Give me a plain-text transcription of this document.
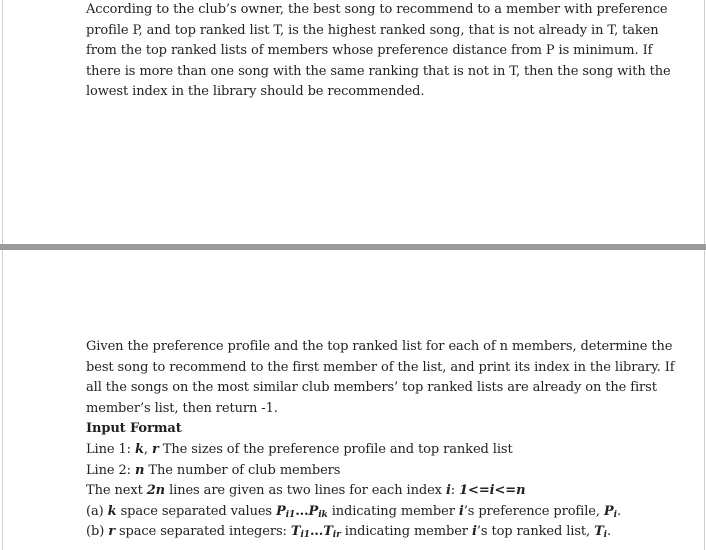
According to the club’s owner, the best song to recommend to a member with preference
profile P, and top ranked list T, is the highest ranked song, that is not already in T, taken
from the top ranked lists of members whose preference distance from P is minimum. If
there is more than one song with the same ranking that is not in T, then the song with the
lowest index in the library should be recommended.
Given the preference profile and the top ranked list for each of n members, determine the
best song to recommend to the first member of the list, and print its index in the library. If
all the songs on the most similar club members’ top ranked lists are already on the first
member’s list, then return -1.
Input Format
Line 1: k, r The sizes of the preference profile and top ranked list
Line 2: n The number of club members
The next 2n lines are given as two lines for each index i: 1<=i<=n
(a) k space separated values $P_{i1}...P_{ik}$ indicating member i’s preference profile, $P_i$.
(b) r space separated integers: $T_{i1}...T_{ir}$ indicating member i’s top ranked list, $T_i$.
